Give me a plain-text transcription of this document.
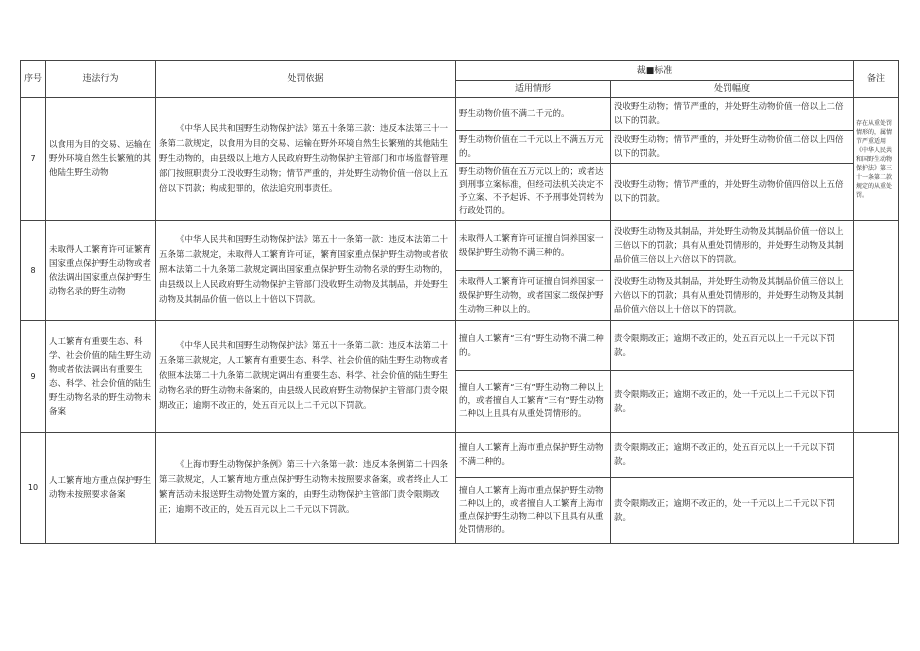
序号	违法行为	处罚依据	裁■标准		备注
			适用情形	处罚幅度	
7	以食用为目的交易、运输在野外环境自然生长繁殖的其他陆生野生动物	《中华人民共和国野生动物保护法》第五十条第三款：违反本法第三十一条第二款规定，以食用为目的交易、运输在野外环境自然生长繁殖的其他陆生野生动物的，由县级以上地方人民政府野生动物保护主管部门和市场监督管理部门按照职责分工没收野生动物；情节严重的，并处野生动物价值一倍以上五倍以下罚款；构成犯罪的，依法追究刑事责任。	野生动物价值不满二千元的。	没收野生动物；情节严重的，并处野生动物价值一倍以上二倍以下的罚款。	存在从重处罚情形的，属情节严重适用《中华人民共和国野生动物保护法》第三十一条第二款规定的从重处罚。
			野生动物价值在二千元以上不满五万元的。	没收野生动物；情节严重的，并处野生动物价值二倍以上四倍以下的罚款。	
			野生动物价值在五万元以上的；或者达到刑事立案标准，但经司法机关决定不予立案、不予起诉、不予刑事处罚转为行政处罚的。	没收野生动物；情节严重的，并处野生动物价值四倍以上五倍以下的罚款。	
8	未取得人工繁育许可证繁育国家重点保护野生动物或者依法调出国家重点保护野生动物名录的野生动物	《中华人民共和国野生动物保护法》第五十一条第一款：违反本法第二十五条第二款规定，未取得人工繁育许可证，繁育国家重点保护野生动物或者依照本法第二十九条第二款规定调出国家重点保护野生动物名录的野生动物的，由县级以上人民政府野生动物保护主管部门没收野生动物及其制品，并处野生动物及其制品价值一倍以上十倍以下罚款。	未取得人工繁育许可证擅自饲养国家一级保护野生动物不满三种的。	没收野生动物及其制品，并处野生动物及其制品价值一倍以上三倍以下的罚款；具有从重处罚情形的，并处野生动物及其制品价值三倍以上六倍以下的罚款。	
			未取得人工繁育许可证擅自饲养国家一级保护野生动物，或者国家二级保护野生动物三种以上的。	没收野生动物及其制品，并处野生动物及其制品价值三倍以上六倍以下的罚款；具有从重处罚情形的，并处野生动物及其制品价值六倍以上十倍以下的罚款。	
9	人工繁育有重要生态、科学、社会价值的陆生野生动物或者依法调出有重要生态、科学、社会价值的陆生野生动物名录的野生动物未备案	《中华人民共和国野生动物保护法》第五十一条第二款：违反本法第二十五条第三款规定，人工繁育有重要生态、科学、社会价值的陆生野生动物或者依照本法第二十九条第二款规定调出有重要生态、科学、社会价值的陆生野生动物名录的野生动物未备案的，由县级人民政府野生动物保护主管部门责令限期改正；逾期不改正的，处五百元以上二千元以下罚款。	擅自人工繁育“三有”野生动物不满二种的。	责令限期改正；逾期不改正的，处五百元以上一千元以下罚款。	
			擅自人工繁育“三有”野生动物二种以上的，或者擅自人工繁育“三有”野生动物二种以上且具有从重处罚情形的。	责令限期改正；逾期不改正的，处一千元以上二千元以下罚款。	
10	人工繁育地方重点保护野生动物未按照要求备案	《上海市野生动物保护条例》第三十六条第一款：违反本条例第二十四条第三款规定，人工繁育地方重点保护野生动物未按照要求备案，或者终止人工繁育活动未报送野生动物处置方案的，由野生动物保护主管部门责令限期改正；逾期不改正的，处五百元以上二千元以下罚款。	擅自人工繁育上海市重点保护野生动物不满二种的。	责令限期改正；逾期不改正的，处五百元以上一千元以下罚款。	
			擅自人工繁育上海市重点保护野生动物二种以上的，或者擅自人工繁育上海市重点保护野生动物二种以下且具有从重处罚情形的。	责令限期改正；逾期不改正的，处一千元以上二千元以下罚款。	
